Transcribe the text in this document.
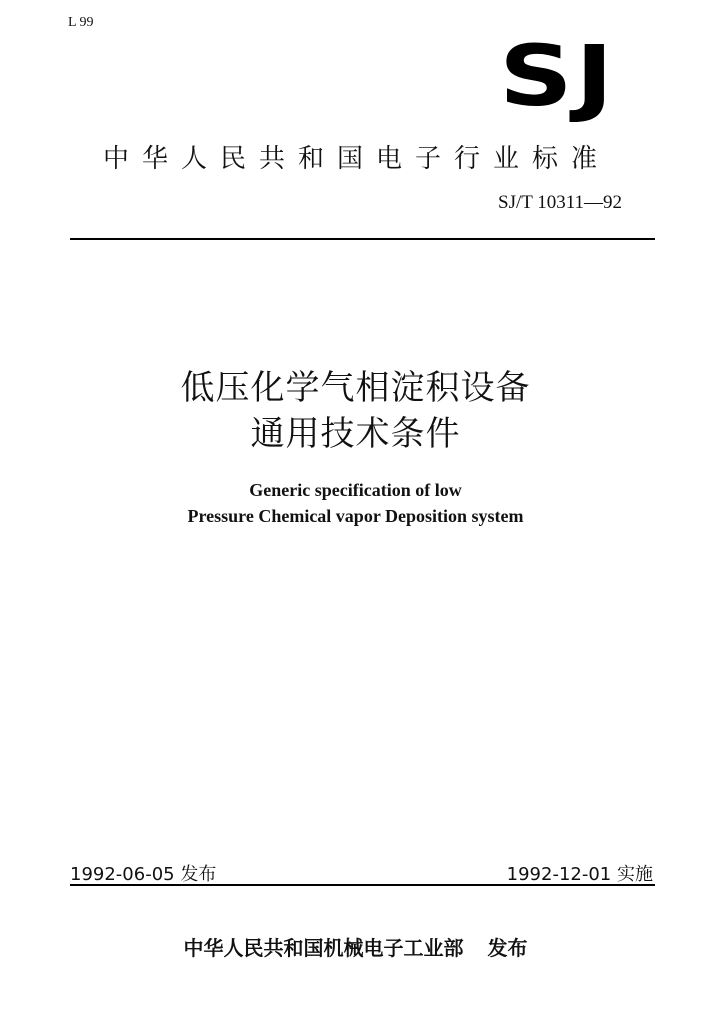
L 99
SJ
中华人民共和国电子行业标准
SJ/T 10311—92
低压化学气相淀积设备
通用技术条件
Generic specification of low
Pressure Chemical vapor Deposition system
1992-06-05 发布	1992-12-01 实施
中华人民共和国机械电子工业部 发布
